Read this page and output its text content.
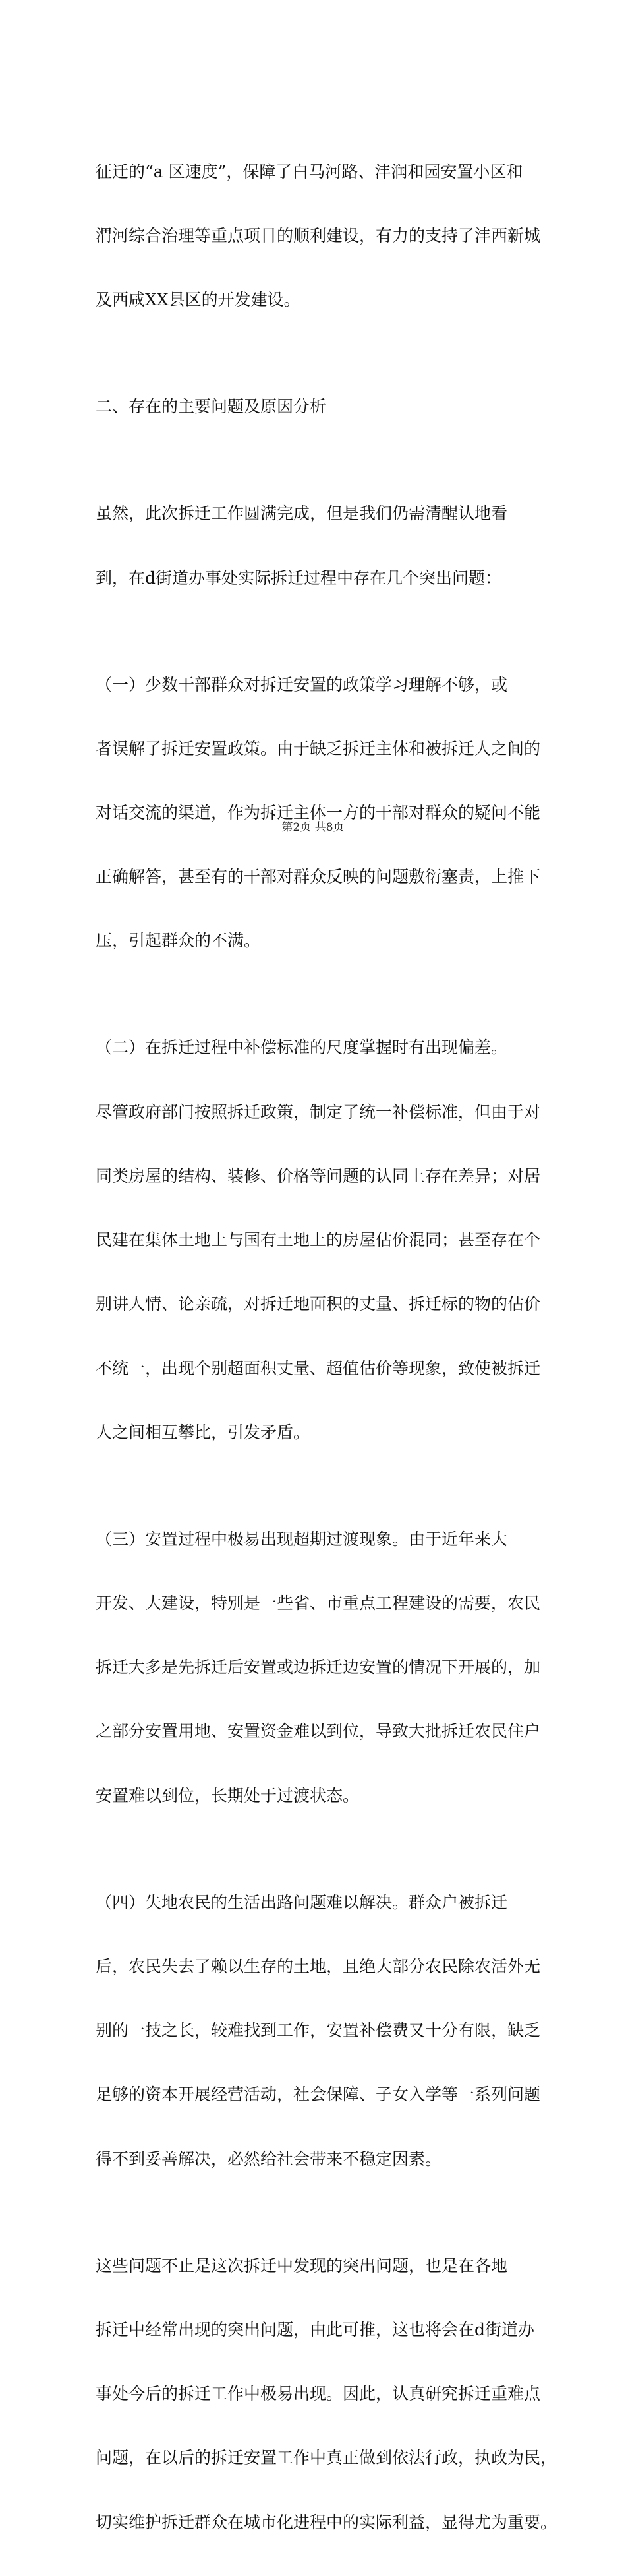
征迁的“a 区速度”，保障了白马河路、沣润和园安置小区和

渭河综合治理等重点项目的顺利建设，有力的支持了沣西新城

及西咸XX县区的开发建设。

二、存在的主要问题及原因分析

虽然，此次拆迁工作圆满完成，但是我们仍需清醒认地看

到，在d街道办事处实际拆迁过程中存在几个突出问题：

（一）少数干部群众对拆迁安置的政策学习理解不够，或

者误解了拆迁安置政策。由于缺乏拆迁主体和被拆迁人之间的

对话交流的渠道，作为拆迁主体一方的干部对群众的疑问不能

正确解答，甚至有的干部对群众反映的问题敷衍塞责，上推下

压，引起群众的不满。

（二）在拆迁过程中补偿标准的尺度掌握时有出现偏差。

尽管政府部门按照拆迁政策，制定了统一补偿标准，但由于对

同类房屋的结构、装修、价格等问题的认同上存在差异；对居

民建在集体土地上与国有土地上的房屋估价混同；甚至存在个

别讲人情、论亲疏，对拆迁地面积的丈量、拆迁标的物的估价

不统一，出现个别超面积丈量、超值估价等现象，致使被拆迁

人之间相互攀比，引发矛盾。

（三）安置过程中极易出现超期过渡现象。由于近年来大

开发、大建设，特别是一些省、市重点工程建设的需要，农民

拆迁大多是先拆迁后安置或边拆迁边安置的情况下开展的，加

之部分安置用地、安置资金难以到位，导致大批拆迁农民住户

安置难以到位，长期处于过渡状态。

（四）失地农民的生活出路问题难以解决。群众户被拆迁

后，农民失去了赖以生存的土地，且绝大部分农民除农活外无

别的一技之长，较难找到工作，安置补偿费又十分有限，缺乏

足够的资本开展经营活动，社会保障、子女入学等一系列问题

得不到妥善解决，必然给社会带来不稳定因素。

这些问题不止是这次拆迁中发现的突出问题，也是在各地

拆迁中经常出现的突出问题，由此可推，这也将会在d街道办

事处今后的拆迁工作中极易出现。因此，认真研究拆迁重难点

问题，在以后的拆迁安置工作中真正做到依法行政，执政为民，

切实维护拆迁群众在城市化进程中的实际利益，显得尤为重要。

第2页 共8页
